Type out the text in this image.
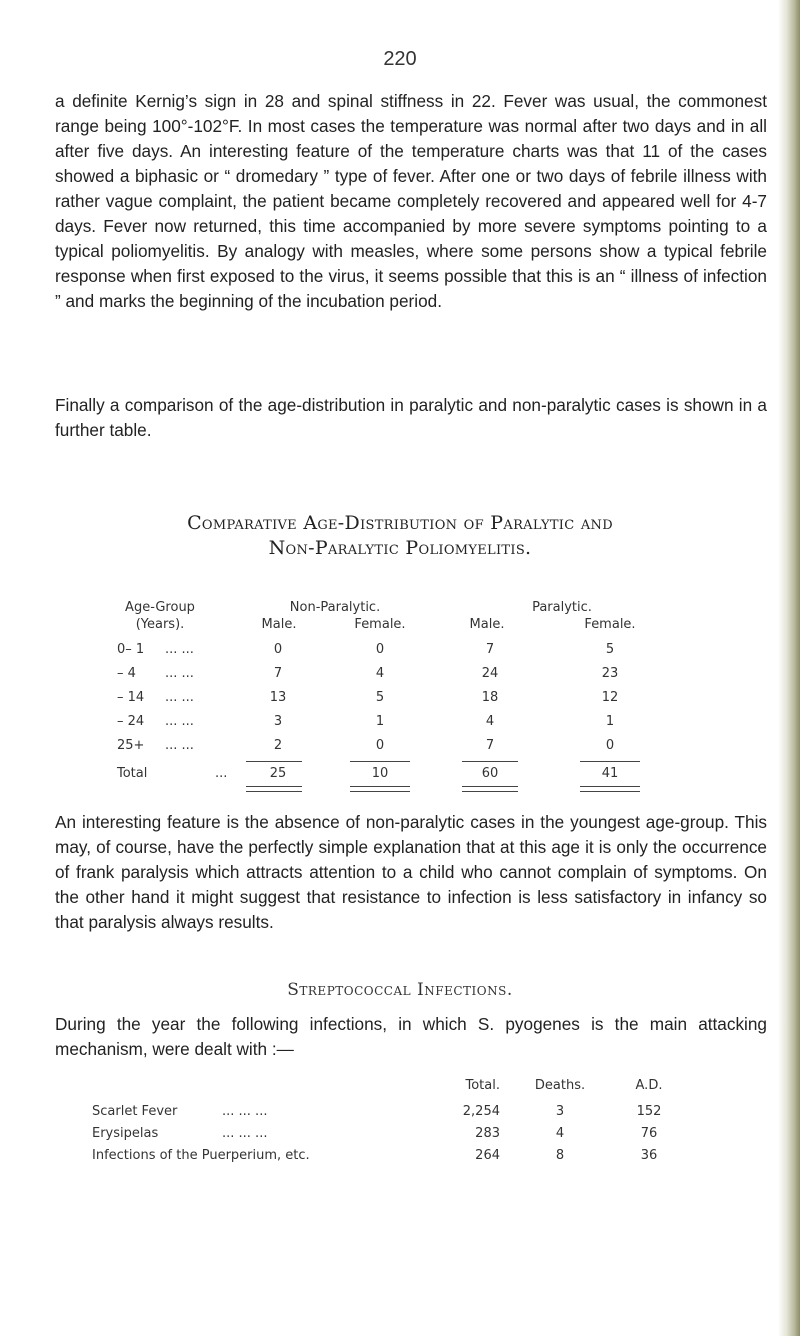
220

a definite Kernig’s sign in 28 and spinal stiffness in 22. Fever was usual, the commonest range being 100°-102°F. In most cases the temperature was normal after two days and in all after five days. An interesting feature of the temperature charts was that 11 of the cases showed a biphasic or “ dromedary ” type of fever. After one or two days of febrile illness with rather vague complaint, the patient became completely recovered and appeared well for 4-7 days. Fever now returned, this time accompanied by more severe symptoms pointing to a typical poliomyelitis. By analogy with measles, where some persons show a typical febrile response when first exposed to the virus, it seems possible that this is an “ illness of infection ” and marks the beginning of the incubation period.

Finally a comparison of the age-distribution in paralytic and non-paralytic cases is shown in a further table.

Comparative Age-Distribution of Paralytic and
Non-Paralytic Poliomyelitis.
Age-Group
(Years).
Non-Paralytic.	Paralytic.
Male.	Female.	Male.	Female.
0– 1 ... ...	0	0	7	5
– 4 ... ...	7	4	24	23
– 14 ... ...	13	5	18	12
– 24 ... ...	3	1	4	1
25+ ... ...	2	0	7	0
Total	...	25	10	60	41

An interesting feature is the absence of non-paralytic cases in the youngest age-group. This may, of course, have the perfectly simple explanation that at this age it is only the occurrence of frank paralysis which attracts attention to a child who cannot complain of symptoms. On the other hand it might suggest that resistance to infection is less satisfactory in infancy so that paralysis always results.

Streptococcal Infections.

During the year the following infections, in which S. pyogenes is the main attacking mechanism, were dealt with :—

Total.	Deaths.	A.D.
Scarlet Fever	... ... ...	2,254	3	152
Erysipelas	... ... ...	283	4	76
Infections of the Puerperium, etc.	264	8	36
